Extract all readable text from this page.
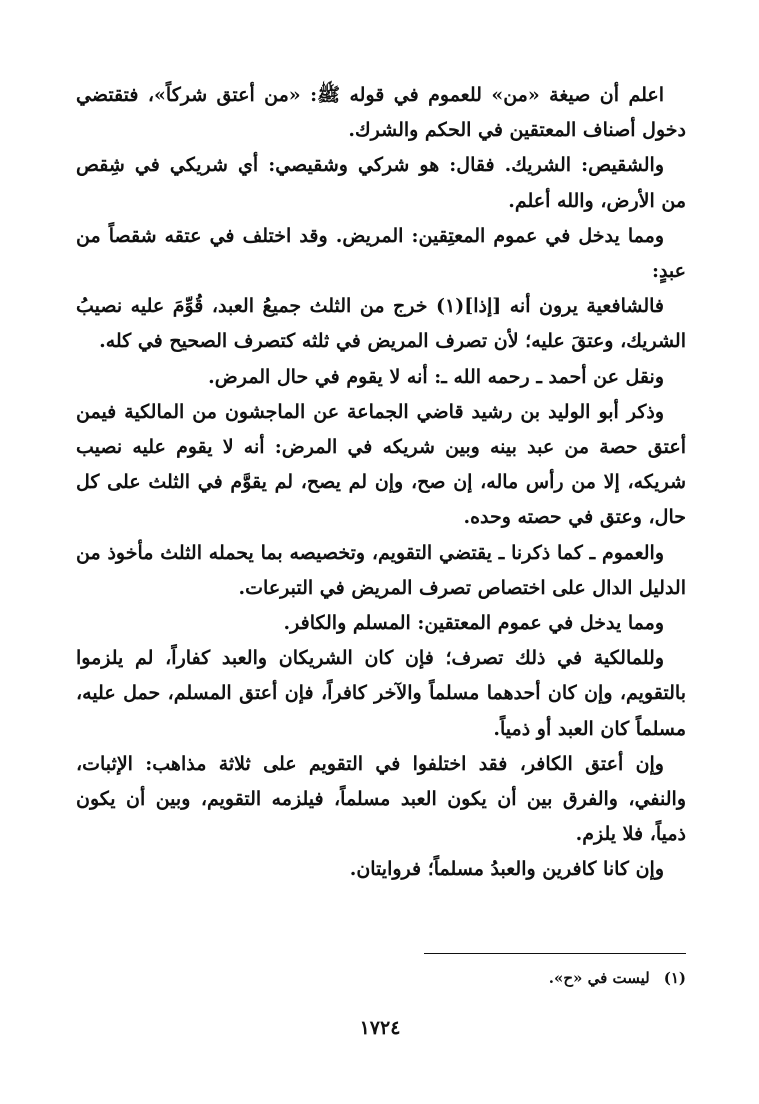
اعلم أن صيغة «من» للعموم في قوله ﷺ: «من أعتق شركاً»، فتقتضي دخول أصناف المعتقين في الحكم والشرك.

والشقيص: الشريك. فقال: هو شركي وشقيصي: أي شريكي في شِقص من الأرض، والله أعلم.

ومما يدخل في عموم المعتِقين: المريض. وقد اختلف في عتقه شقصاً من عبدٍ:

فالشافعية يرون أنه [إذا](١) خرج من الثلث جميعُ العبد، قُوِّمَ عليه نصيبُ الشريك، وعتقَ عليه؛ لأن تصرف المريض في ثلثه كتصرف الصحيح في كله.

ونقل عن أحمد ـ رحمه الله ـ: أنه لا يقوم في حال المرض.

وذكر أبو الوليد بن رشيد قاضي الجماعة عن الماجشون من المالكية فيمن أعتق حصة من عبد بينه وبين شريكه في المرض: أنه لا يقوم عليه نصيب شريكه، إلا من رأس ماله، إن صح، وإن لم يصح، لم يقوَّم في الثلث على كل حال، وعتق في حصته وحده.

والعموم ـ كما ذكرنا ـ يقتضي التقويم، وتخصيصه بما يحمله الثلث مأخوذ من الدليل الدال على اختصاص تصرف المريض في التبرعات.

ومما يدخل في عموم المعتقين: المسلم والكافر.

وللمالكية في ذلك تصرف؛ فإن كان الشريكان والعبد كفاراً، لم يلزموا بالتقويم، وإن كان أحدهما مسلماً والآخر كافراً، فإن أعتق المسلم، حمل عليه، مسلماً كان العبد أو ذمياً.

وإن أعتق الكافر، فقد اختلفوا في التقويم على ثلاثة مذاهب: الإثبات، والنفي، والفرق بين أن يكون العبد مسلماً، فيلزمه التقويم، وبين أن يكون ذمياً، فلا يلزم.

وإن كانا كافرين والعبدُ مسلماً؛ فروايتان.

(١)ليست في «ح».
١٧٢٤
